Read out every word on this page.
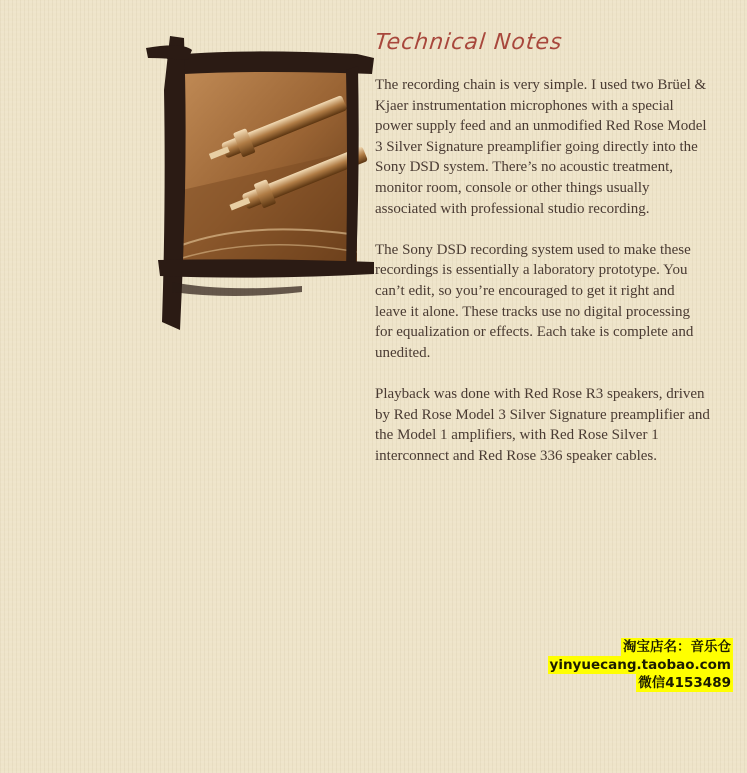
Technical Notes

The recording chain is very simple. I used two Brüel & Kjaer instrumentation microphones with a special power supply feed and an unmodified Red Rose Model 3 Silver Signature preamplifier going directly into the Sony DSD system. There’s no acoustic treatment, monitor room, console or other things usually associated with professional studio recording.

The Sony DSD recording system used to make these recordings is essentially a laboratory prototype. You can’t edit, so you’re encouraged to get it right and leave it alone. These tracks use no digital processing for equalization or effects. Each take is complete and unedited.

Playback was done with Red Rose R3 speakers, driven by Red Rose Model 3 Silver Signature preamplifier and the Model 1 amplifiers, with Red Rose Silver 1 interconnect and Red Rose 336 speaker cables.

淘宝店名：音乐仓
yinyuecang.taobao.com
微信4153489
